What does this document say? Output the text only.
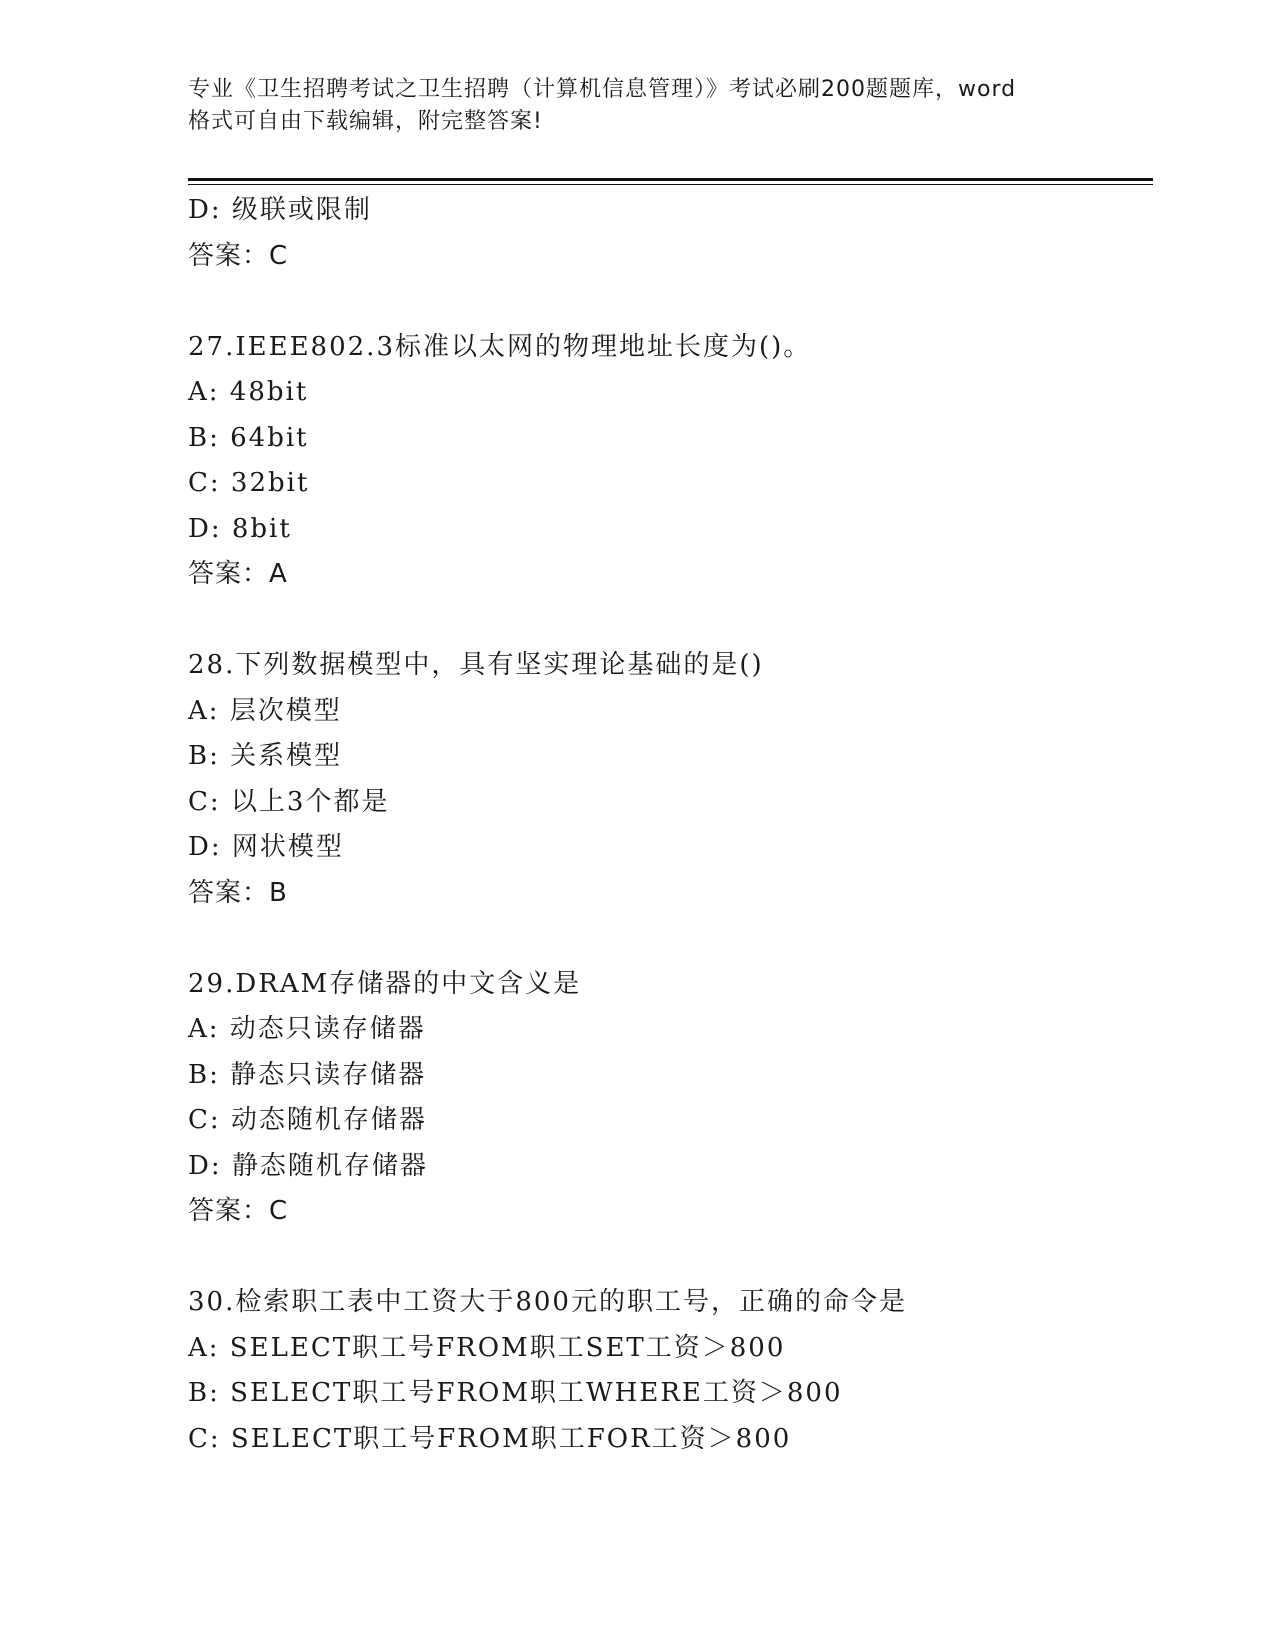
专业《卫生招聘考试之卫生招聘（计算机信息管理）》考试必刷200题题库，word
格式可自由下载编辑，附完整答案!
D: 级联或限制
答案：C
27.IEEE802.3标准以太网的物理地址长度为()。
A: 48bit
B: 64bit
C: 32bit
D: 8bit
答案：A
28.下列数据模型中，具有坚实理论基础的是()
A: 层次模型
B: 关系模型
C: 以上3个都是
D: 网状模型
答案：B
29.DRAM存储器的中文含义是
A: 动态只读存储器
B: 静态只读存储器
C: 动态随机存储器
D: 静态随机存储器
答案：C
30.检索职工表中工资大于800元的职工号，正确的命令是
A: SELECT职工号FROM职工SET工资＞800
B: SELECT职工号FROM职工WHERE工资＞800
C: SELECT职工号FROM职工FOR工资＞800
